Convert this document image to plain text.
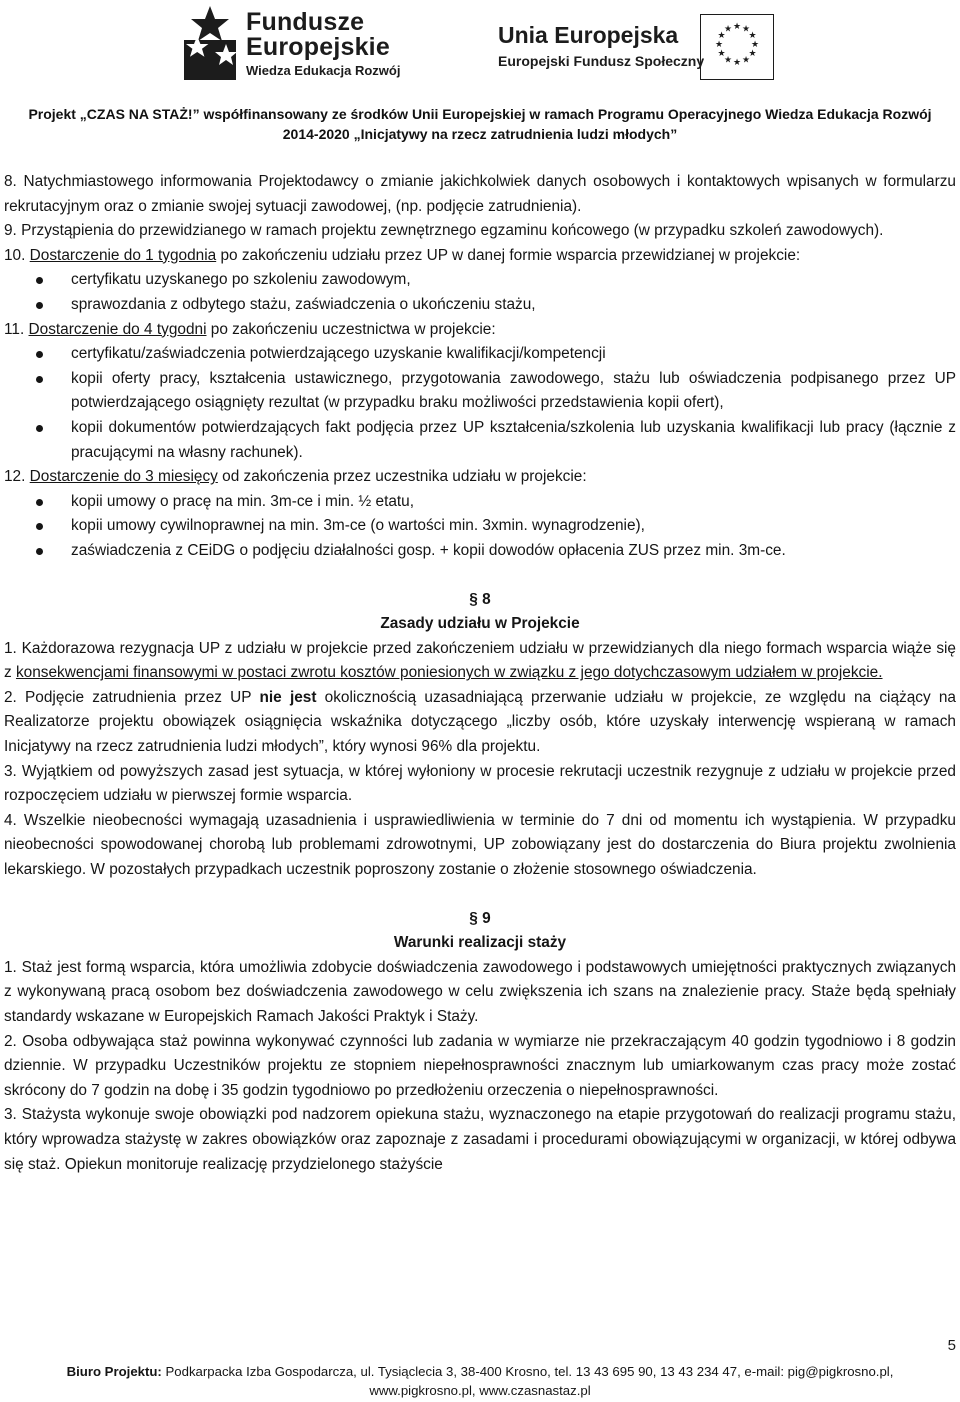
Fundusze
Europejskie
Wiedza Edukacja Rozwój
Unia Europejska
Europejski Fundusz Społeczny
★ ★
★
★
★
★
★
★
★
★
★
★
Projekt „CZAS NA STAŻ!” współfinansowany ze środków Unii Europejskiej w ramach Programu Operacyjnego Wiedza Edukacja Rozwój
2014-2020 „Inicjatywy na rzecz zatrudnienia ludzi młodych”

8. Natychmiastowego informowania Projektodawcy o zmianie jakichkolwiek danych osobowych i kontaktowych wpisanych w formularzu rekrutacyjnym oraz o zmianie swojej sytuacji zawodowej, (np. podjęcie zatrudnienia).

9. Przystąpienia do przewidzianego w ramach projektu zewnętrznego egzaminu końcowego (w przypadku szkoleń zawodowych).

10. Dostarczenie do 1 tygodnia po zakończeniu udziału przez UP w danej formie wsparcia przewidzianej w projekcie:

certyfikatu uzyskanego po szkoleniu zawodowym,
sprawozdania z odbytego stażu, zaświadczenia o ukończeniu stażu,

11. Dostarczenie do 4 tygodni po zakończeniu uczestnictwa w projekcie:

certyfikatu/zaświadczenia potwierdzającego uzyskanie kwalifikacji/kompetencji
kopii oferty pracy, kształcenia ustawicznego, przygotowania zawodowego, stażu lub oświadczenia podpisanego przez UP potwierdzającego osiągnięty rezultat (w przypadku braku możliwości przedstawienia kopii ofert),
kopii dokumentów potwierdzających fakt podjęcia przez UP kształcenia/szkolenia lub uzyskania kwalifikacji lub pracy (łącznie z pracującymi na własny rachunek).

12. Dostarczenie do 3 miesięcy od zakończenia przez uczestnika udziału w projekcie:

kopii umowy o pracę na min. 3m-ce i min. ½ etatu,
kopii umowy cywilnoprawnej na min. 3m-ce (o wartości min. 3xmin. wynagrodzenie),
zaświadczenia z CEiDG o podjęciu działalności gosp. + kopii dowodów opłacenia ZUS przez min. 3m-ce.

§ 8

Zasady udziału w Projekcie

1. Każdorazowa rezygnacja UP z udziału w projekcie przed zakończeniem udziału w przewidzianych dla niego formach wsparcia wiąże się z konsekwencjami finansowymi w postaci zwrotu kosztów poniesionych w związku z jego dotychczasowym udziałem w projekcie.

2. Podjęcie zatrudnienia przez UP nie jest okolicznością uzasadniającą przerwanie udziału w projekcie, ze względu na ciążący na Realizatorze projektu obowiązek osiągnięcia wskaźnika dotyczącego „liczby osób, które uzyskały interwencję wspieraną w ramach Inicjatywy na rzecz zatrudnienia ludzi młodych”, który wynosi 96% dla projektu.

3. Wyjątkiem od powyższych zasad jest sytuacja, w której wyłoniony w procesie rekrutacji uczestnik rezygnuje z udziału w projekcie przed rozpoczęciem udziału w pierwszej formie wsparcia.

4. Wszelkie nieobecności wymagają uzasadnienia i usprawiedliwienia w terminie do 7 dni od momentu ich wystąpienia. W przypadku nieobecności spowodowanej chorobą lub problemami zdrowotnymi, UP zobowiązany jest do dostarczenia do Biura projektu zwolnienia lekarskiego. W pozostałych przypadkach uczestnik poproszony zostanie o złożenie stosownego oświadczenia.

§ 9

Warunki realizacji staży

1. Staż jest formą wsparcia, która umożliwia zdobycie doświadczenia zawodowego i podstawowych umiejętności praktycznych związanych z wykonywaną pracą osobom bez doświadczenia zawodowego w celu zwiększenia ich szans na znalezienie pracy. Staże będą spełniały standardy wskazane w Europejskich Ramach Jakości Praktyk i Staży.

2. Osoba odbywająca staż powinna wykonywać czynności lub zadania w wymiarze nie przekraczającym 40 godzin tygodniowo i 8 godzin dziennie. W przypadku Uczestników projektu ze stopniem niepełnosprawności znacznym lub umiarkowanym czas pracy może zostać skrócony do 7 godzin na dobę i 35 godzin tygodniowo po przedłożeniu orzeczenia o niepełnosprawności.

3. Stażysta wykonuje swoje obowiązki pod nadzorem opiekuna stażu, wyznaczonego na etapie przygotowań do realizacji programu stażu, który wprowadza stażystę w zakres obowiązków oraz zapoznaje z zasadami i procedurami obowiązującymi w organizacji, w której odbywa się staż. Opiekun monitoruje realizację przydzielonego stażyście

5
Biuro Projektu: Podkarpacka Izba Gospodarcza, ul. Tysiąclecia 3, 38-400 Krosno, tel. 13 43 695 90, 13 43 234 47, e-mail: pig@pigkrosno.pl,
www.pigkrosno.pl, www.czasnastaz.pl
